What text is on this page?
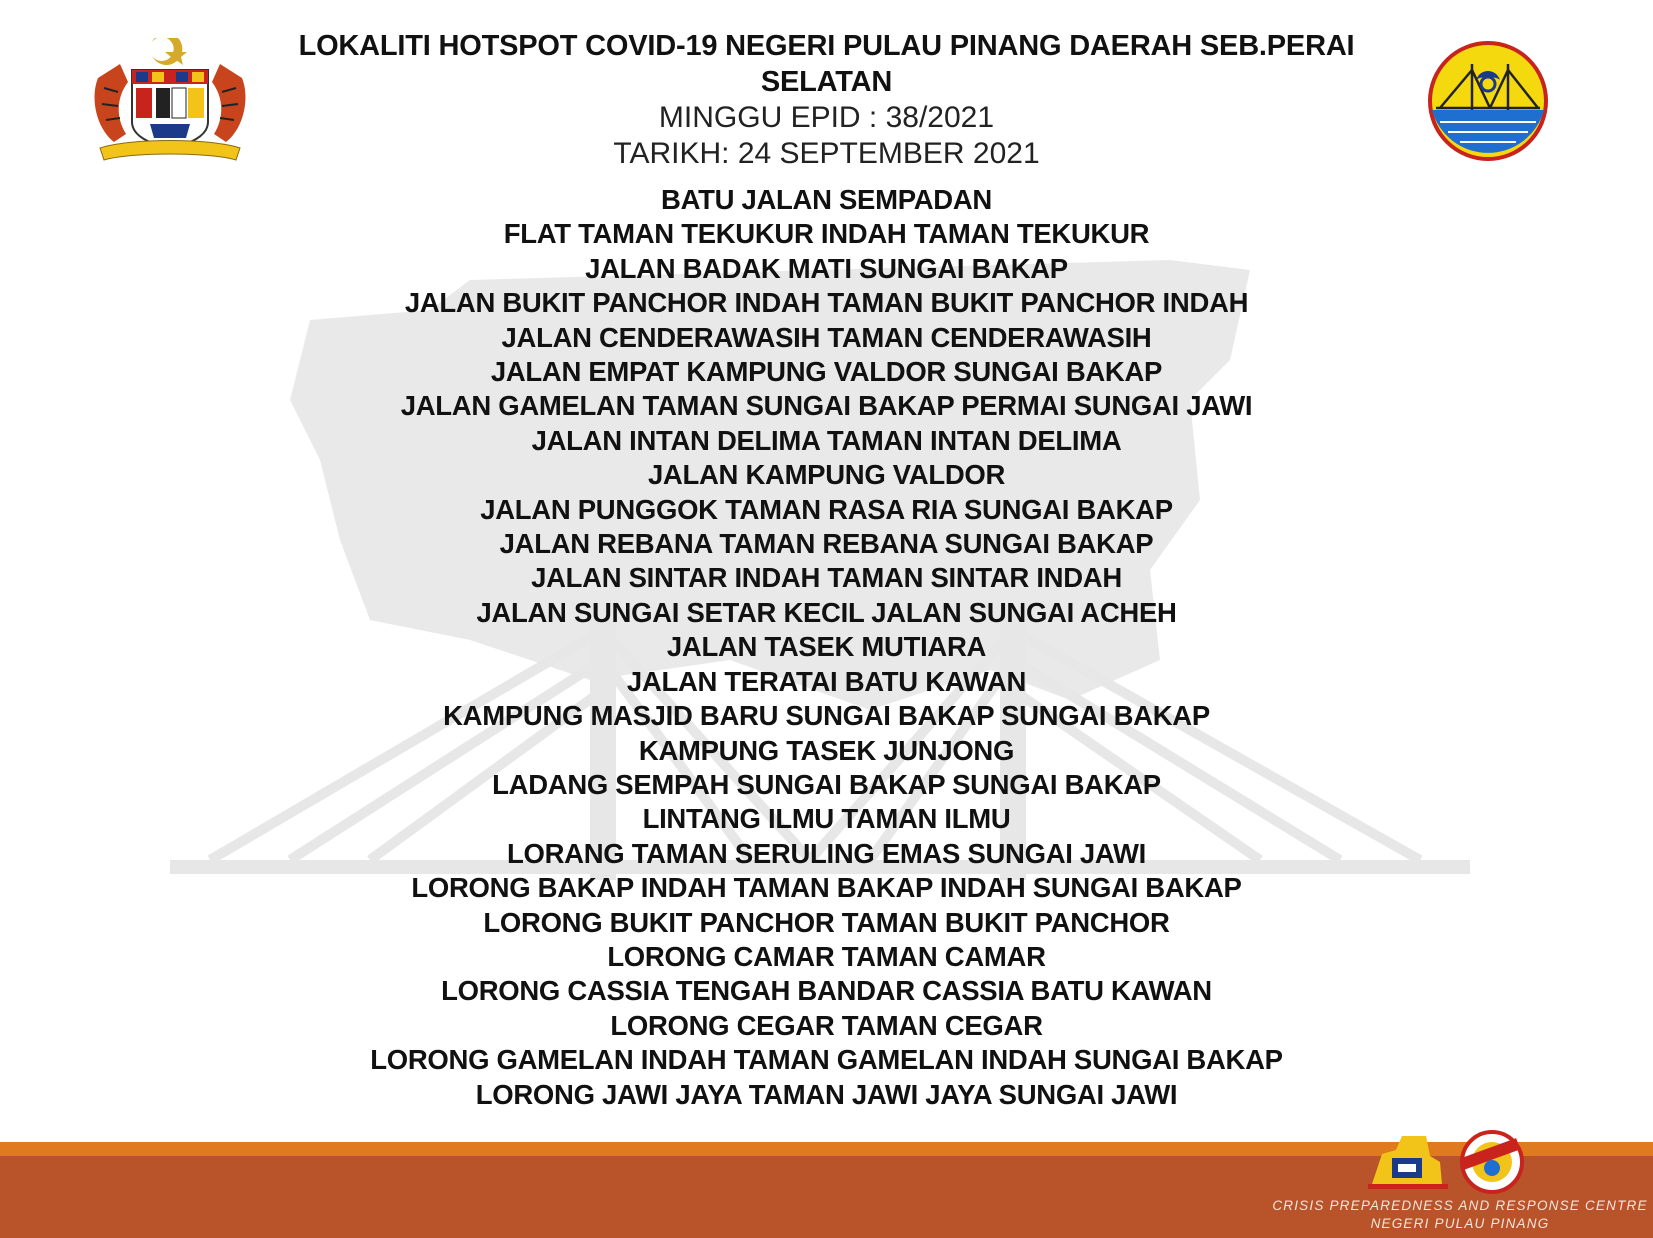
LOKALITI HOTSPOT COVID-19 NEGERI PULAU PINANG DAERAH SEB.PERAI

SELATAN

MINGGU EPID : 38/2021

TARIKH: 24 SEPTEMBER 2021

BATU JALAN SEMPADAN
FLAT TAMAN TEKUKUR INDAH TAMAN TEKUKUR
JALAN BADAK MATI SUNGAI BAKAP
JALAN BUKIT PANCHOR INDAH TAMAN BUKIT PANCHOR INDAH
JALAN CENDERAWASIH TAMAN CENDERAWASIH
JALAN EMPAT KAMPUNG VALDOR SUNGAI BAKAP
JALAN GAMELAN TAMAN SUNGAI BAKAP PERMAI SUNGAI JAWI
JALAN INTAN DELIMA TAMAN INTAN DELIMA
JALAN KAMPUNG VALDOR
JALAN PUNGGOK TAMAN RASA RIA SUNGAI BAKAP
JALAN REBANA TAMAN REBANA SUNGAI BAKAP
JALAN SINTAR INDAH TAMAN SINTAR INDAH
JALAN SUNGAI SETAR KECIL JALAN SUNGAI ACHEH
JALAN TASEK MUTIARA
JALAN TERATAI BATU KAWAN
KAMPUNG MASJID BARU SUNGAI BAKAP SUNGAI BAKAP
KAMPUNG TASEK JUNJONG
LADANG SEMPAH SUNGAI BAKAP SUNGAI BAKAP
LINTANG ILMU TAMAN ILMU
LORANG TAMAN SERULING EMAS SUNGAI JAWI
LORONG BAKAP INDAH TAMAN BAKAP INDAH SUNGAI BAKAP
LORONG BUKIT PANCHOR TAMAN BUKIT PANCHOR
LORONG CAMAR TAMAN CAMAR
LORONG CASSIA TENGAH BANDAR CASSIA BATU KAWAN
LORONG CEGAR TAMAN CEGAR
LORONG GAMELAN INDAH TAMAN GAMELAN INDAH SUNGAI BAKAP
LORONG JAWI JAYA TAMAN JAWI JAYA SUNGAI JAWI
CRISIS PREPAREDNESS AND RESPONSE CENTRE
NEGERI PULAU PINANG
